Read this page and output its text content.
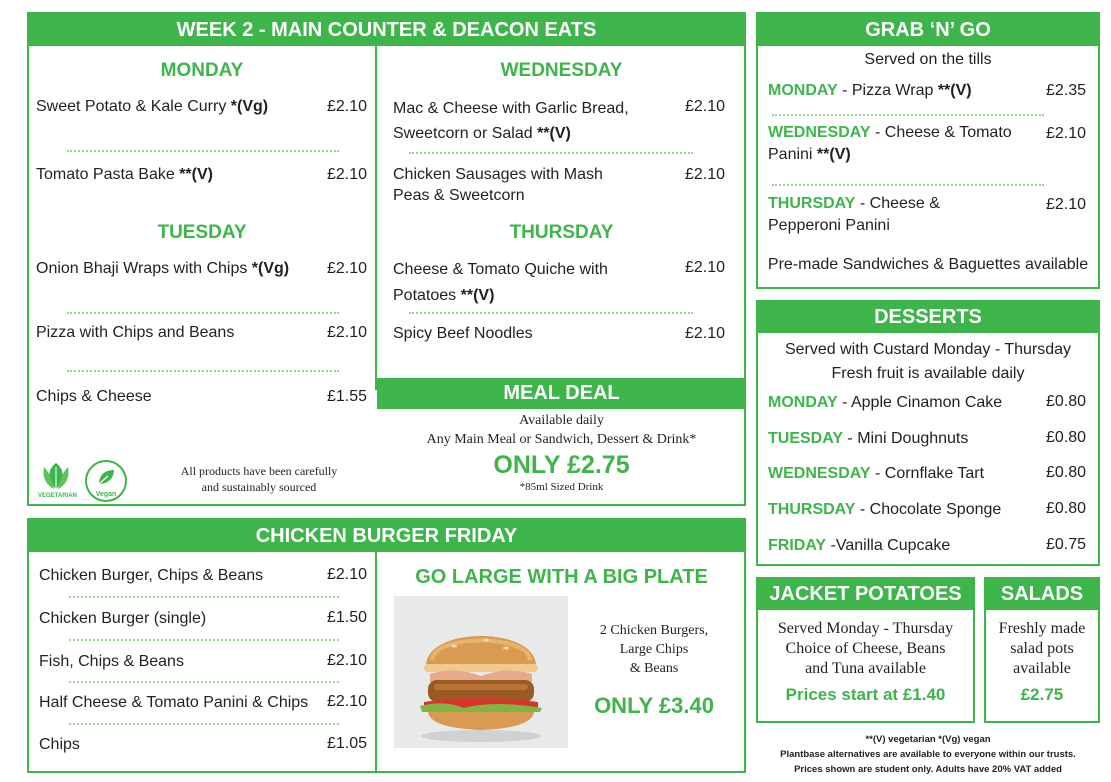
WEEK 2 - MAIN COUNTER & DEACON EATS
MONDAY
Sweet Potato & Kale Curry *(Vg)	£2.10
Tomato Pasta Bake **(V)	£2.10
TUESDAY
Onion Bhaji Wraps with Chips *(Vg)	£2.10
Pizza with Chips and Beans	£2.10
Chips & Cheese	£1.55
VEGETARIAN	Vegan
All products have been carefully
and sustainably sourced
WEDNESDAY
Mac & Cheese with Garlic Bread,
Sweetcorn or Salad **(V)
£2.10
Chicken Sausages with Mash
Peas & Sweetcorn
£2.10
THURSDAY
Cheese & Tomato Quiche with
Potatoes **(V)
£2.10
Spicy Beef Noodles	£2.10
MEAL DEAL
Available daily
Any Main Meal or Sandwich, Dessert & Drink*
ONLY £2.75
*85ml Sized Drink
CHICKEN BURGER FRIDAY
Chicken Burger, Chips & Beans	£2.10
Chicken Burger (single)	£1.50
Fish, Chips & Beans	£2.10
Half Cheese & Tomato Panini & Chips	£2.10
Chips	£1.05
GO LARGE WITH A BIG PLATE
2 Chicken Burgers,
Large Chips
& Beans
ONLY £3.40
GRAB ‘N’ GO
Served on the tills
MONDAY - Pizza Wrap **(V)	£2.35
WEDNESDAY - Cheese & Tomato
Panini **(V)
£2.10
THURSDAY - Cheese &
Pepperoni Panini
£2.10
Pre-made Sandwiches & Baguettes available
DESSERTS
Served with Custard Monday - Thursday
Fresh fruit is available daily
MONDAY - Apple Cinamon Cake	£0.80
TUESDAY - Mini Doughnuts	£0.80
WEDNESDAY - Cornflake Tart	£0.80
THURSDAY - Chocolate Sponge	£0.80
FRIDAY -Vanilla Cupcake	£0.75
JACKET POTATOES
Served Monday - Thursday
Choice of Cheese, Beans
and Tuna available
Prices start at £1.40
SALADS
Freshly made
salad pots
available
£2.75
**(V) vegetarian *(Vg) vegan
Plantbase alternatives are available to everyone within our trusts.
Prices shown are student only. Adults have 20% VAT added
